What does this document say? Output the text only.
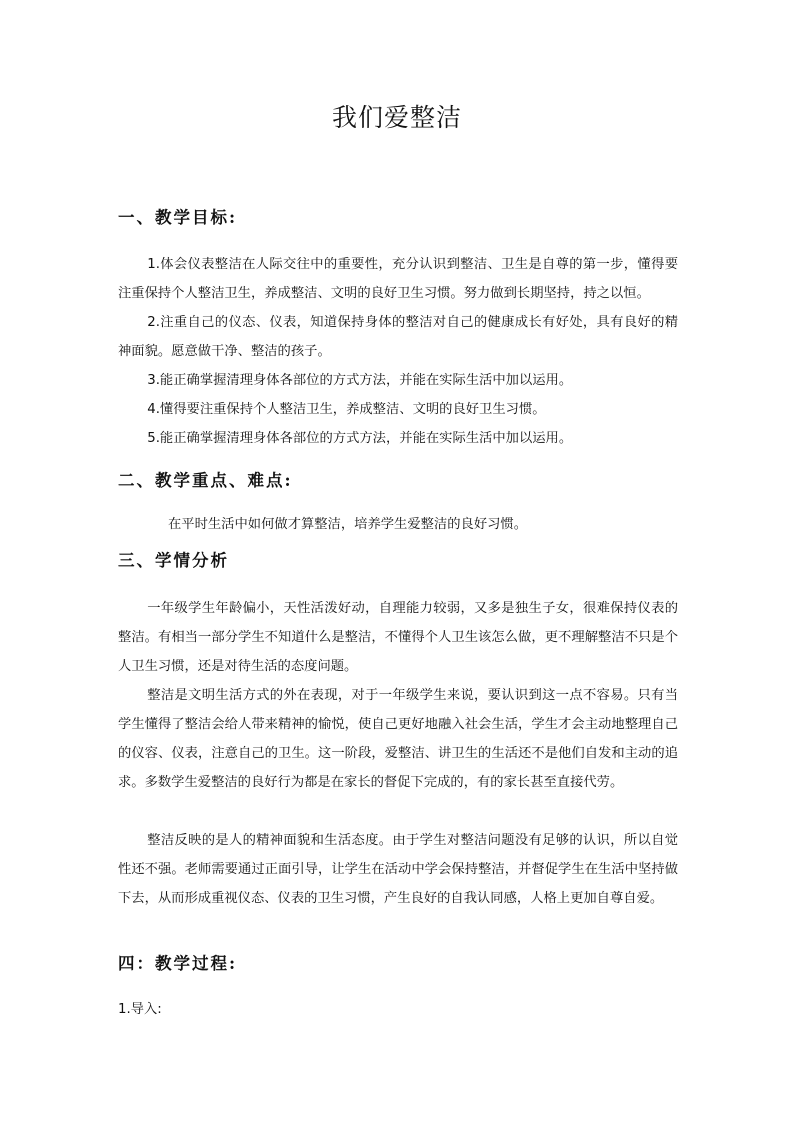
我们爱整洁
一、教学目标:
1.体会仪表整洁在人际交往中的重要性，充分认识到整洁、卫生是自尊的第一步，懂得要注重保持个人整洁卫生，养成整洁、文明的良好卫生习惯。努力做到长期坚持，持之以恒。
2.注重自己的仪态、仪表，知道保持身体的整洁对自己的健康成长有好处，具有良好的精神面貌。愿意做干净、整洁的孩子。
3.能正确掌握清理身体各部位的方式方法，并能在实际生活中加以运用。
4.懂得要注重保持个人整洁卫生，养成整洁、文明的良好卫生习惯。
5.能正确掌握清理身体各部位的方式方法，并能在实际生活中加以运用。
二、教学重点、难点:
在平时生活中如何做才算整洁，培养学生爱整洁的良好习惯。
三、学情分析
一年级学生年龄偏小，天性活泼好动，自理能力较弱，又多是独生子女，很难保持仪表的整洁。有相当一部分学生不知道什么是整洁，不懂得个人卫生该怎么做，更不理解整洁不只是个人卫生习惯，还是对待生活的态度问题。
整洁是文明生活方式的外在表现，对于一年级学生来说，要认识到这一点不容易。只有当学生懂得了整洁会给人带来精神的愉悦，使自己更好地融入社会生活，学生才会主动地整理自己的仪容、仪表，注意自己的卫生。这一阶段，爱整洁、讲卫生的生活还不是他们自发和主动的追求。多数学生爱整洁的良好行为都是在家长的督促下完成的，有的家长甚至直接代劳。
整洁反映的是人的精神面貌和生活态度。由于学生对整洁问题没有足够的认识，所以自觉性还不强。老师需要通过正面引导，让学生在活动中学会保持整洁，并督促学生在生活中坚持做下去，从而形成重视仪态、仪表的卫生习惯，产生良好的自我认同感，人格上更加自尊自爱。
四：教学过程:
1.导入:
